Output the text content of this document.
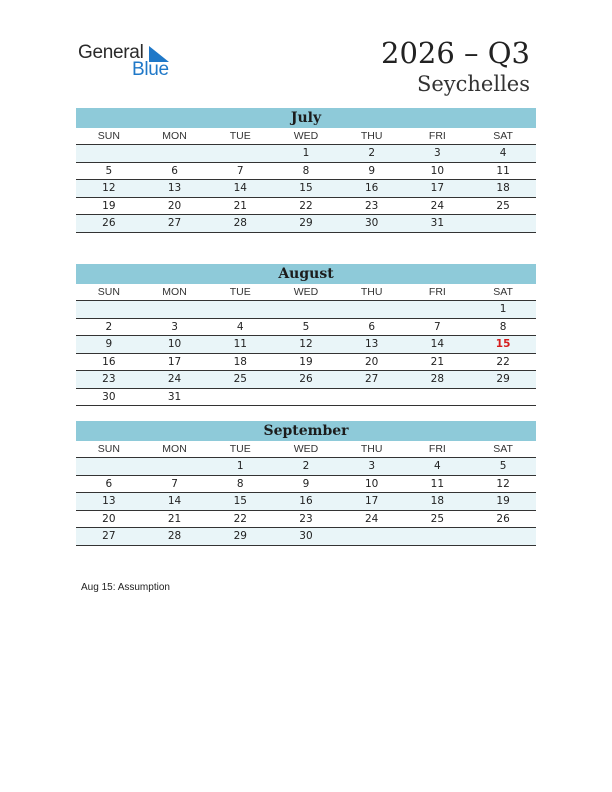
General
Blue	2026 – Q3
Seychelles
July
SUN	MON	TUE	WED	THU	FRI	SAT
			1	2	3	4
5	6	7	8	9	10	11
12	13	14	15	16	17	18
19	20	21	22	23	24	25
26	27	28	29	30	31	
August
SUN	MON	TUE	WED	THU	FRI	SAT
						1
2	3	4	5	6	7	8
9	10	11	12	13	14	15
16	17	18	19	20	21	22
23	24	25	26	27	28	29
30	31					
September
SUN	MON	TUE	WED	THU	FRI	SAT
		1	2	3	4	5
6	7	8	9	10	11	12
13	14	15	16	17	18	19
20	21	22	23	24	25	26
27	28	29	30			
Aug 15: Assumption
